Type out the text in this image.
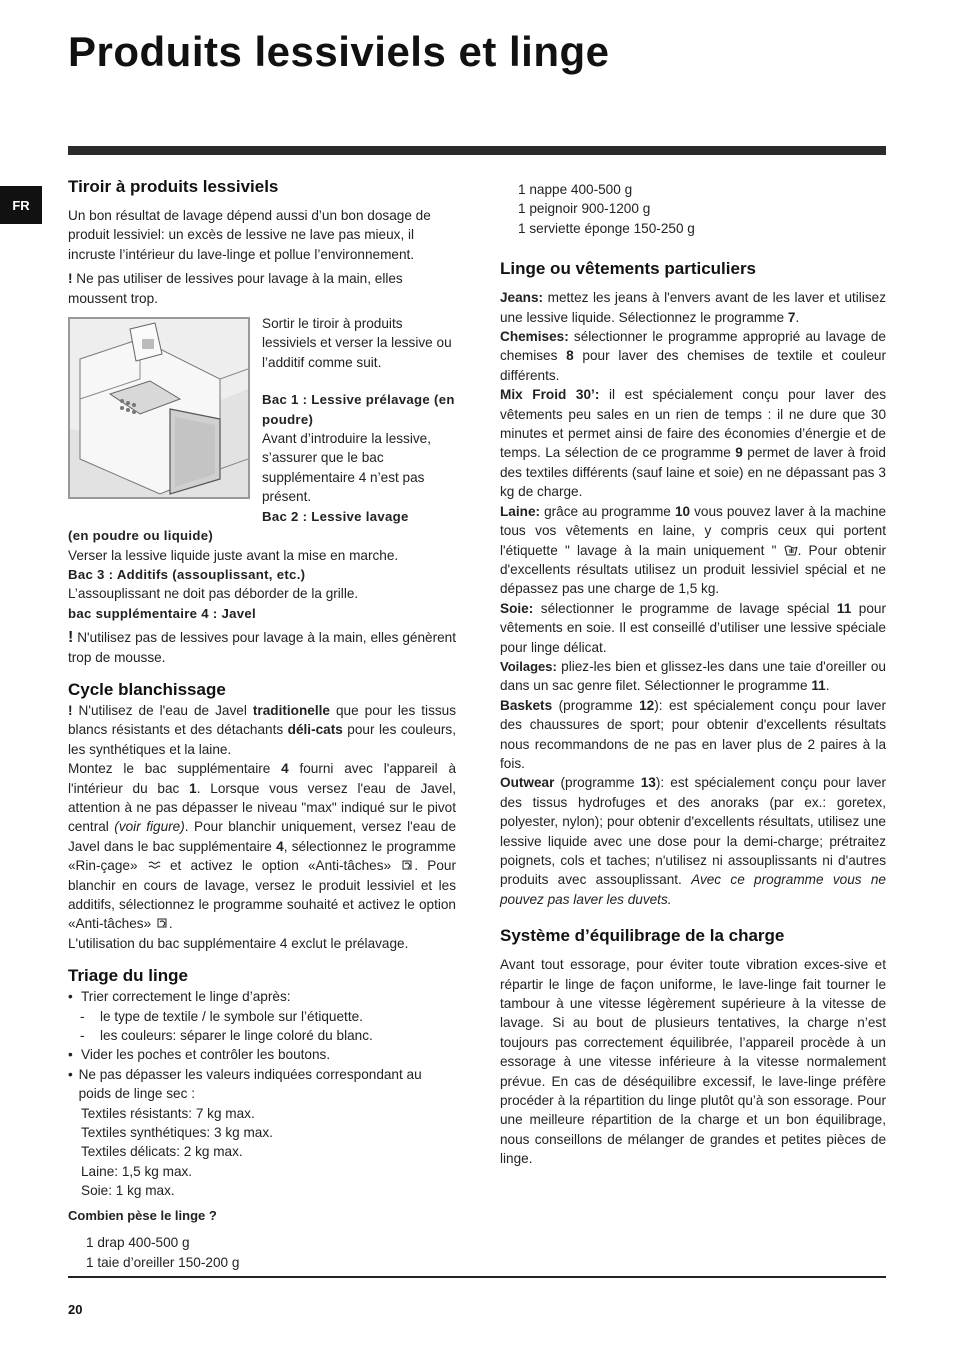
Produits lessiviels et linge
FR
Tiroir à produits lessiviels

Un bon résultat de lavage dépend aussi d’un bon dosage de produit lessiviel: un excès de lessive ne lave pas mieux, il incruste l’intérieur du lave-linge et pollue l’environnement.

! Ne pas utiliser de lessives pour lavage à la main, elles moussent trop.

Sortir le tiroir à produits lessiviels et verser la lessive ou l’additif comme suit.

Bac 1 : Lessive prélavage (en poudre)

Avant d’introduire la lessive, s’assurer que le bac supplémentaire 4 n’est pas présent.

Bac 2 : Lessive lavage

(en poudre ou liquide)

Verser la lessive liquide juste avant la mise en marche.

Bac 3 : Additifs (assouplissant, etc.)

L’assouplissant ne doit pas déborder de la grille.

bac supplémentaire 4 : Javel

! N'utilisez pas de lessives pour lavage à la main, elles génèrent trop de mousse.

Cycle blanchissage

! N'utilisez de l'eau de Javel traditionelle que pour les tissus blancs résistants et des détachants déli-cats pour les couleurs, les synthétiques et la laine.

Montez le bac supplémentaire 4 fourni avec l'appareil à l'intérieur du bac 1. Lorsque vous versez l'eau de Javel, attention à ne pas dépasser le niveau "max" indiqué sur le pivot central (voir figure). Pour blanchir uniquement, versez l'eau de Javel dans le bac supplémentaire 4, sélectionnez le programme «Rin-çage» et activez le option «Anti-tâches» . Pour blanchir en cours de lavage, versez le produit lessiviel et les additifs, sélectionnez le programme souhaité et activez le option «Anti-tâches» .

L'utilisation du bac supplémentaire 4 exclut le prélavage.

Triage du linge
• Trier correctement le linge d’après:
-	le type de textile / le symbole sur l’étiquette.
-	les couleurs: séparer le linge coloré du blanc.
• Vider les poches et contrôler les boutons.
• Ne pas dépasser les valeurs indiquées correspondant au poids de linge sec :

Textiles résistants: 7 kg max.

Textiles synthétiques: 3 kg max.

Textiles délicats: 2 kg max.

Laine: 1,5 kg max.

Soie: 1 kg max.

Combien pèse le linge ?

1 drap 400-500 g

1 taie d’oreiller 150-200 g

1 nappe 400-500 g

1 peignoir 900-1200 g

1 serviette éponge 150-250 g

Linge ou vêtements particuliers

Jeans: mettez les jeans à l'envers avant de les laver et utilisez une lessive liquide. Sélectionnez le programme 7.

Chemises: sélectionner le programme approprié au lavage de chemises 8 pour laver des chemises de textile et couleur différents.

Mix Froid 30’: il est spécialement conçu pour laver des vêtements peu sales en un rien de temps : il ne dure que 30 minutes et permet ainsi de faire des économies d’énergie et de temps. La sélection de ce programme 9 permet de laver à froid des textiles différents (sauf laine et soie) en ne dépassant pas 3 kg de charge.

Laine: grâce au programme 10 vous pouvez laver à la machine tous vos vêtements en laine, y compris ceux qui portent l'étiquette " lavage à la main uniquement " . Pour obtenir d'excellents résultats utilisez un produit lessiviel spécial et ne dépassez pas une charge de 1,5 kg.

Soie: sélectionner le programme de lavage spécial 11 pour vêtements en soie. Il est conseillé d’utiliser une lessive spéciale pour linge délicat.

Voilages: pliez-les bien et glissez-les dans une taie d'oreiller ou dans un sac genre filet. Sélectionner le programme 11.

Baskets (programme 12): est spécialement conçu pour laver des chaussures de sport; pour obtenir d'excellents résultats nous recommandons de ne pas en laver plus de 2 paires à la fois.

Outwear (programme 13): est spécialement conçu pour laver des tissus hydrofuges et des anoraks (par ex.: goretex, polyester, nylon); pour obtenir d'excellents résultats, utilisez une lessive liquide avec une dose pour la demi-charge; prétraitez poignets, cols et taches; n'utilisez ni assouplissants ni d'autres produits avec assouplissant. Avec ce programme vous ne pouvez pas laver les duvets.

Système d’équilibrage de la charge

Avant tout essorage, pour éviter toute vibration exces-sive et répartir le linge de façon uniforme, le lave-linge fait tourner le tambour à une vitesse légèrement supérieure à la vitesse de lavage. Si au bout de plusieurs tentatives, la charge n’est toujours pas correctement équilibrée, l’appareil procède à un essorage à une vitesse inférieure à la vitesse normalement prévue. En cas de déséquilibre excessif, le lave-linge préfère procéder à la répartition du linge plutôt qu’à son essorage. Pour une meilleure répartition de la charge et un bon équilibrage, nous conseillons de mélanger de grandes et petites pièces de linge.

20
